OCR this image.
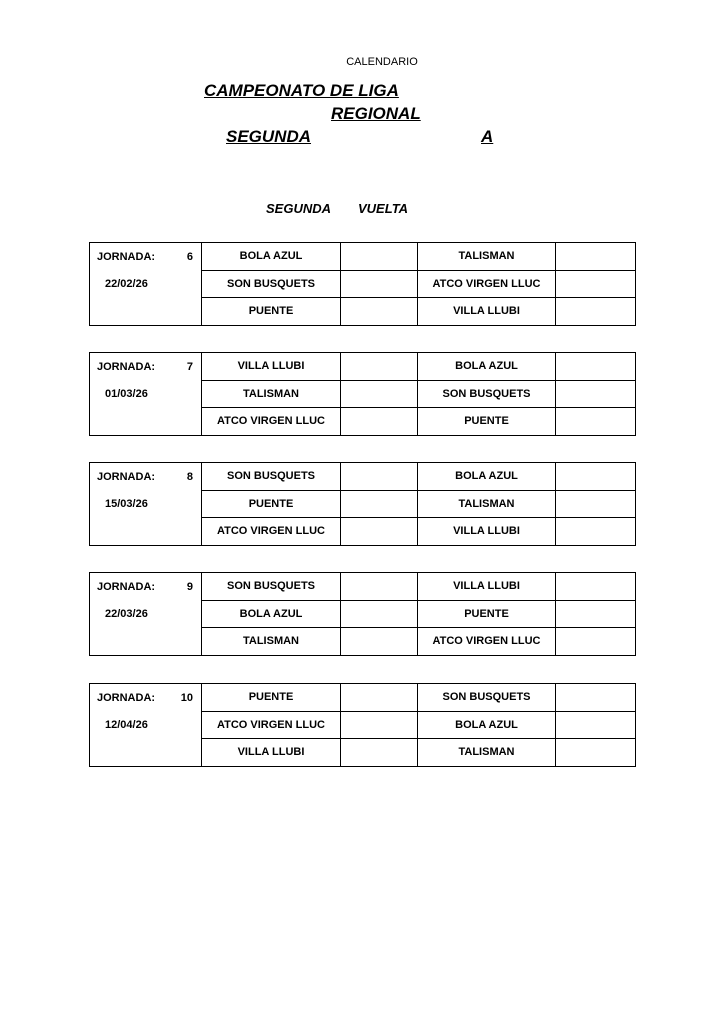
CALENDARIO
CAMPEONATO DE LIGA
REGIONAL
SEGUNDA	A
SEGUNDA VUELTA
JORNADA: 6	BOLA AZUL		TALISMAN	
22/02/26	SON BUSQUETS		ATCO VIRGEN LLUC	
	PUENTE		VILLA LLUBI	
JORNADA: 7	VILLA LLUBI		BOLA AZUL	
01/03/26	TALISMAN		SON BUSQUETS	
	ATCO VIRGEN LLUC		PUENTE	
JORNADA: 8	SON BUSQUETS		BOLA AZUL	
15/03/26	PUENTE		TALISMAN	
	ATCO VIRGEN LLUC		VILLA LLUBI	
JORNADA: 9	SON BUSQUETS		VILLA LLUBI	
22/03/26	BOLA AZUL		PUENTE	
	TALISMAN		ATCO VIRGEN LLUC	
JORNADA: 10	PUENTE		SON BUSQUETS	
12/04/26	ATCO VIRGEN LLUC		BOLA AZUL	
	VILLA LLUBI		TALISMAN	
